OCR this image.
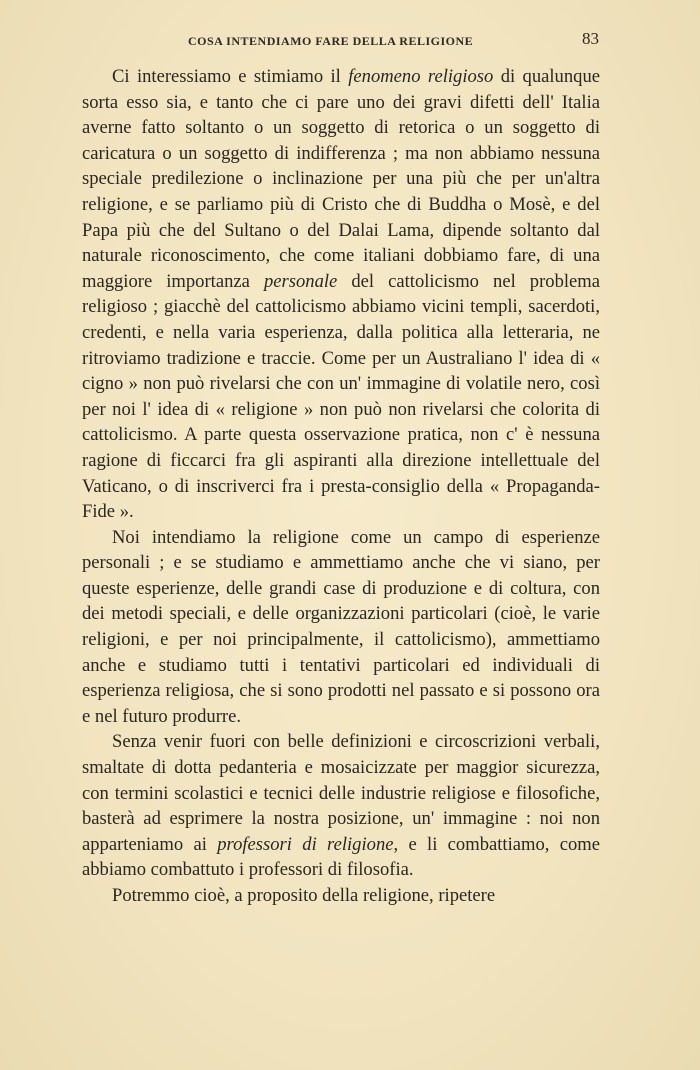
COSA INTENDIAMO FARE DELLA RELIGIONE	83

Ci interessiamo e stimiamo il fenomeno religioso di qualunque sorta esso sia, e tanto che ci pare uno dei gravi difetti dell' Italia averne fatto soltanto o un soggetto di retorica o un soggetto di caricatura o un soggetto di indifferenza ; ma non abbiamo nessuna speciale predilezione o inclinazione per una più che per un'altra religione, e se parliamo più di Cristo che di Buddha o Mosè, e del Papa più che del Sultano o del Dalai Lama, dipende soltanto dal naturale riconoscimento, che come italiani dobbiamo fare, di una maggiore importanza personale del cattolicismo nel problema religioso ; giacchè del cattolicismo abbiamo vicini templi, sacerdoti, credenti, e nella varia esperienza, dalla politica alla letteraria, ne ritroviamo tradizione e traccie. Come per un Australiano l' idea di « cigno » non può rivelarsi che con un' immagine di volatile nero, così per noi l' idea di « religione » non può non rivelarsi che colorita di cattolicismo. A parte questa osservazione pratica, non c' è nessuna ragione di ficcarci fra gli aspiranti alla direzione intellettuale del Vaticano, o di inscriverci fra i presta-consiglio della « Propaganda-Fide ».

Noi intendiamo la religione come un campo di esperienze personali ; e se studiamo e ammettiamo anche che vi siano, per queste esperienze, delle grandi case di produzione e di coltura, con dei metodi speciali, e delle organizzazioni particolari (cioè, le varie religioni, e per noi principalmente, il cattolicismo), ammettiamo anche e studiamo tutti i tentativi particolari ed individuali di esperienza religiosa, che si sono prodotti nel passato e si possono ora e nel futuro produrre.

Senza venir fuori con belle definizioni e circoscrizioni verbali, smaltate di dotta pedanteria e mosaicizzate per maggior sicurezza, con termini scolastici e tecnici delle industrie religiose e filosofiche, basterà ad esprimere la nostra posizione, un' immagine : noi non apparteniamo ai professori di religione, e li combattiamo, come abbiamo combattuto i professori di filosofia.

Potremmo cioè, a proposito della religione, ripetere
